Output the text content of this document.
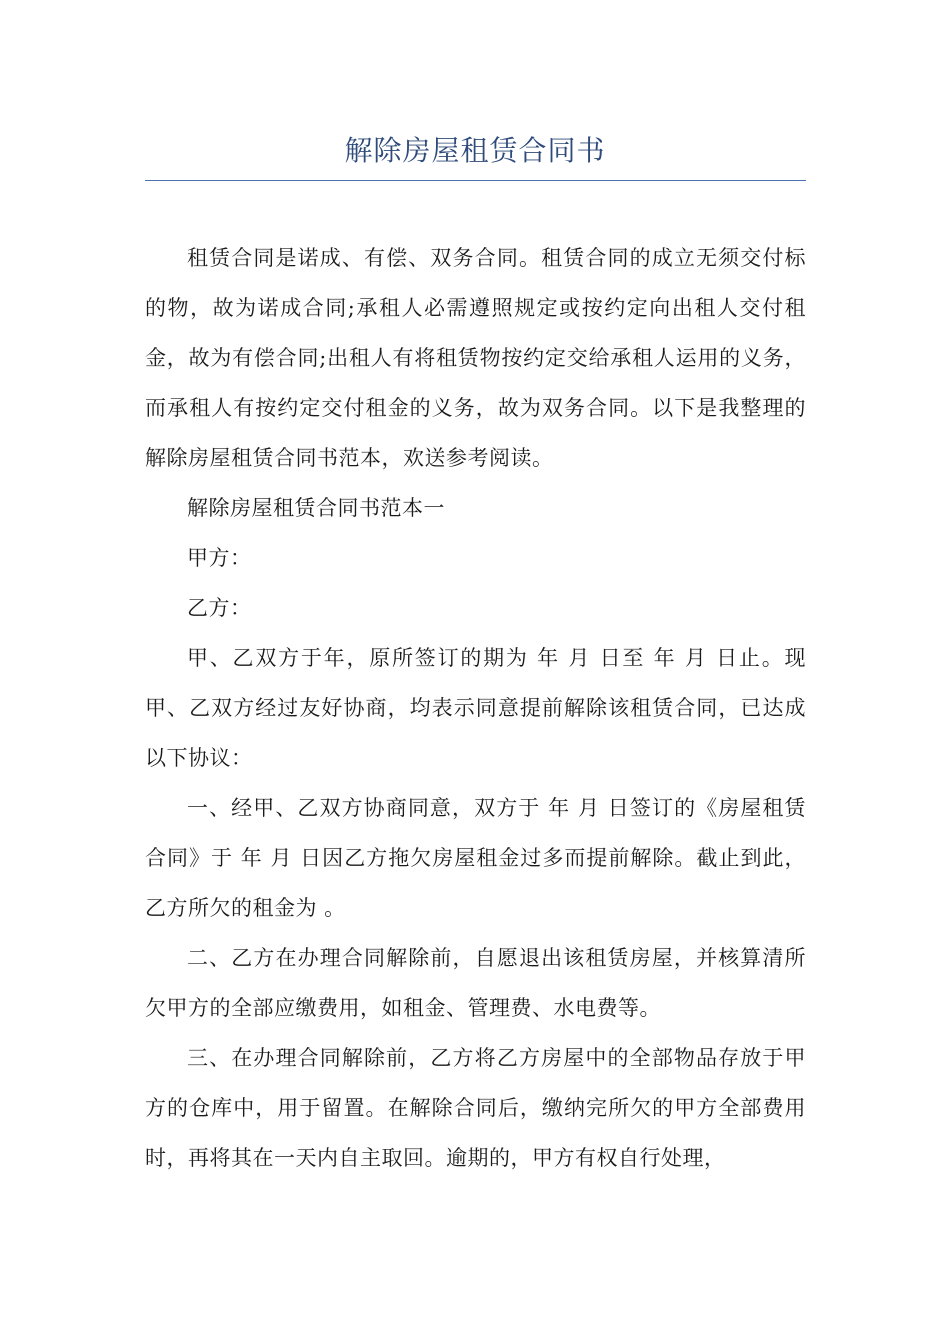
解除房屋租赁合同书

租赁合同是诺成、有偿、双务合同。租赁合同的成立无须交付标的物，故为诺成合同;承租人必需遵照规定或按约定向出租人交付租金，故为有偿合同;出租人有将租赁物按约定交给承租人运用的义务，而承租人有按约定交付租金的义务，故为双务合同。以下是我整理的解除房屋租赁合同书范本，欢送参考阅读。

解除房屋租赁合同书范本一

甲方：

乙方：

甲、乙双方于年，原所签订的期为 年 月 日至 年 月 日止。现甲、乙双方经过友好协商，均表示同意提前解除该租赁合同，已达成以下协议：

一、经甲、乙双方协商同意，双方于 年 月 日签订的《房屋租赁合同》于 年 月 日因乙方拖欠房屋租金过多而提前解除。截止到此，乙方所欠的租金为 。

二、乙方在办理合同解除前，自愿退出该租赁房屋，并核算清所欠甲方的全部应缴费用，如租金、管理费、水电费等。

三、在办理合同解除前，乙方将乙方房屋中的全部物品存放于甲方的仓库中，用于留置。在解除合同后，缴纳完所欠的甲方全部费用时，再将其在一天内自主取回。逾期的，甲方有权自行处理，
